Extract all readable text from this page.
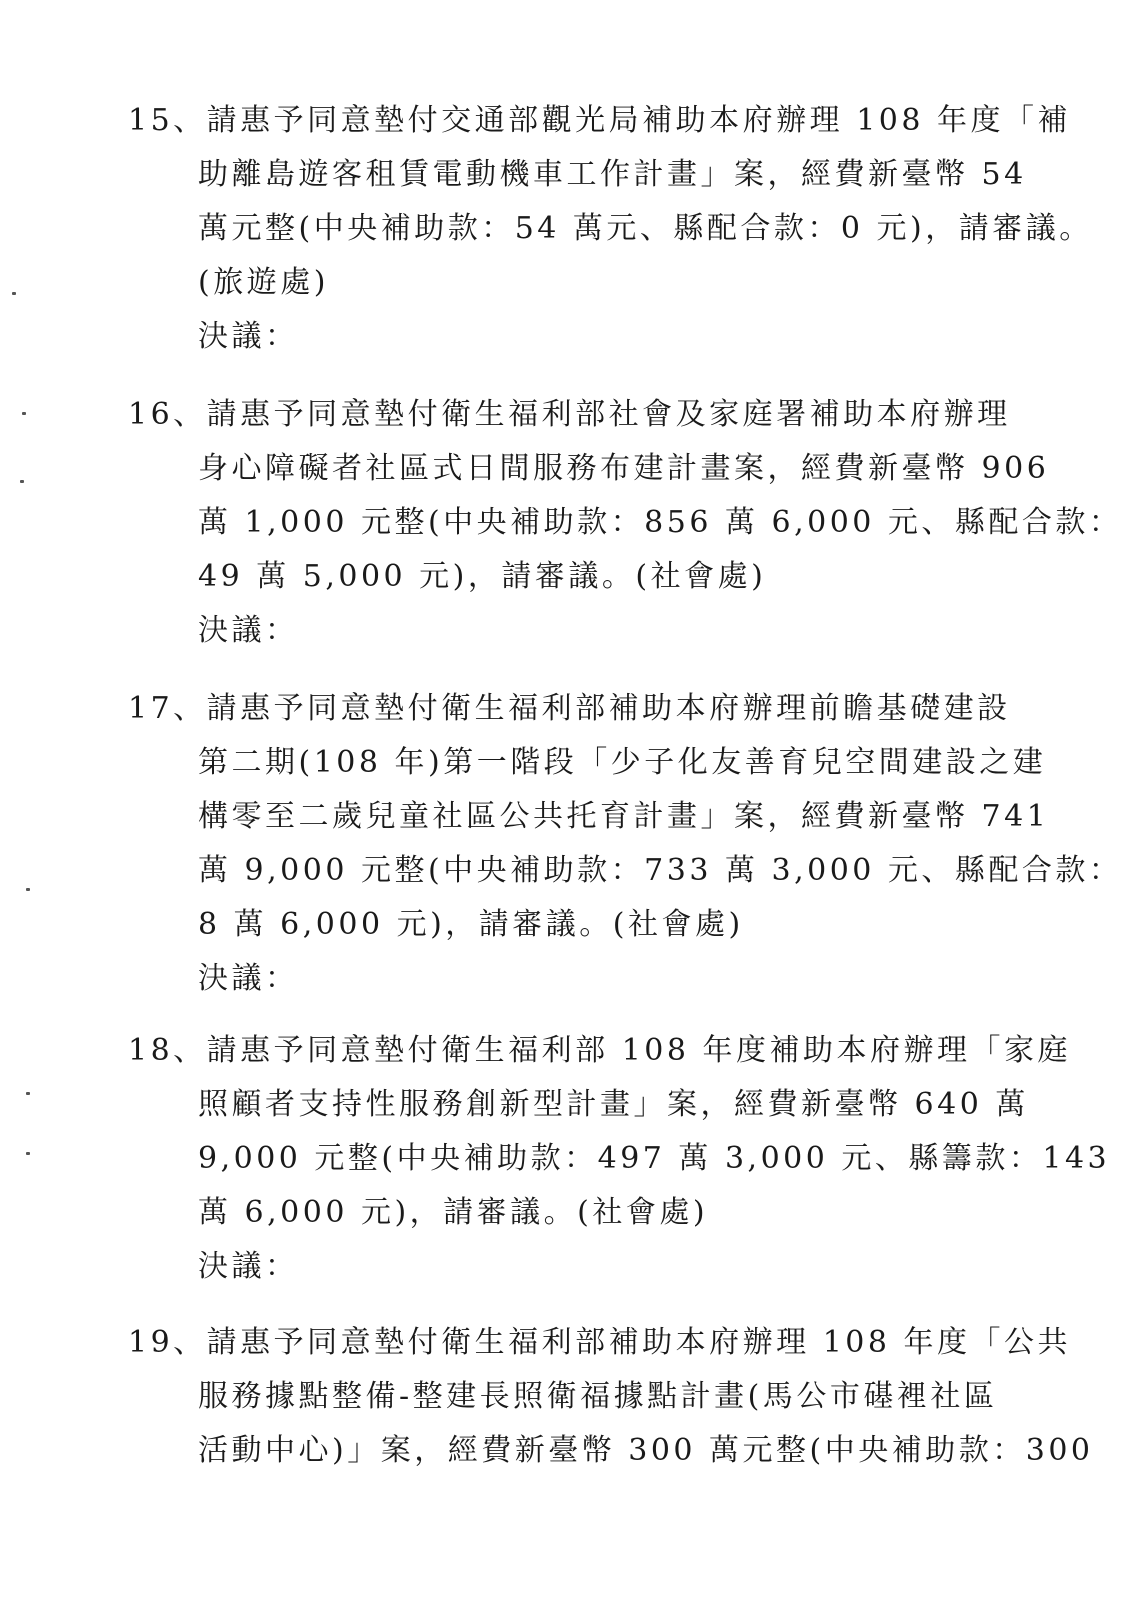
15、請惠予同意墊付交通部觀光局補助本府辦理 108 年度「補
助離島遊客租賃電動機車工作計畫」案，經費新臺幣 54
萬元整(中央補助款：54 萬元、縣配合款：0 元)，請審議。
(旅遊處)
決議：
16、請惠予同意墊付衛生福利部社會及家庭署補助本府辦理
身心障礙者社區式日間服務布建計畫案，經費新臺幣 906
萬 1,000 元整(中央補助款：856 萬 6,000 元、縣配合款：
49 萬 5,000 元)，請審議。(社會處)
決議：
17、請惠予同意墊付衛生福利部補助本府辦理前瞻基礎建設
第二期(108 年)第一階段「少子化友善育兒空間建設之建
構零至二歲兒童社區公共托育計畫」案，經費新臺幣 741
萬 9,000 元整(中央補助款：733 萬 3,000 元、縣配合款：
8 萬 6,000 元)，請審議。(社會處)
決議：
18、請惠予同意墊付衛生福利部 108 年度補助本府辦理「家庭
照顧者支持性服務創新型計畫」案，經費新臺幣 640 萬
9,000 元整(中央補助款：497 萬 3,000 元、縣籌款：143
萬 6,000 元)，請審議。(社會處)
決議：
19、請惠予同意墊付衛生福利部補助本府辦理 108 年度「公共
服務據點整備-整建長照衛福據點計畫(馬公市𥕛裡社區
活動中心)」案，經費新臺幣 300 萬元整(中央補助款：300
